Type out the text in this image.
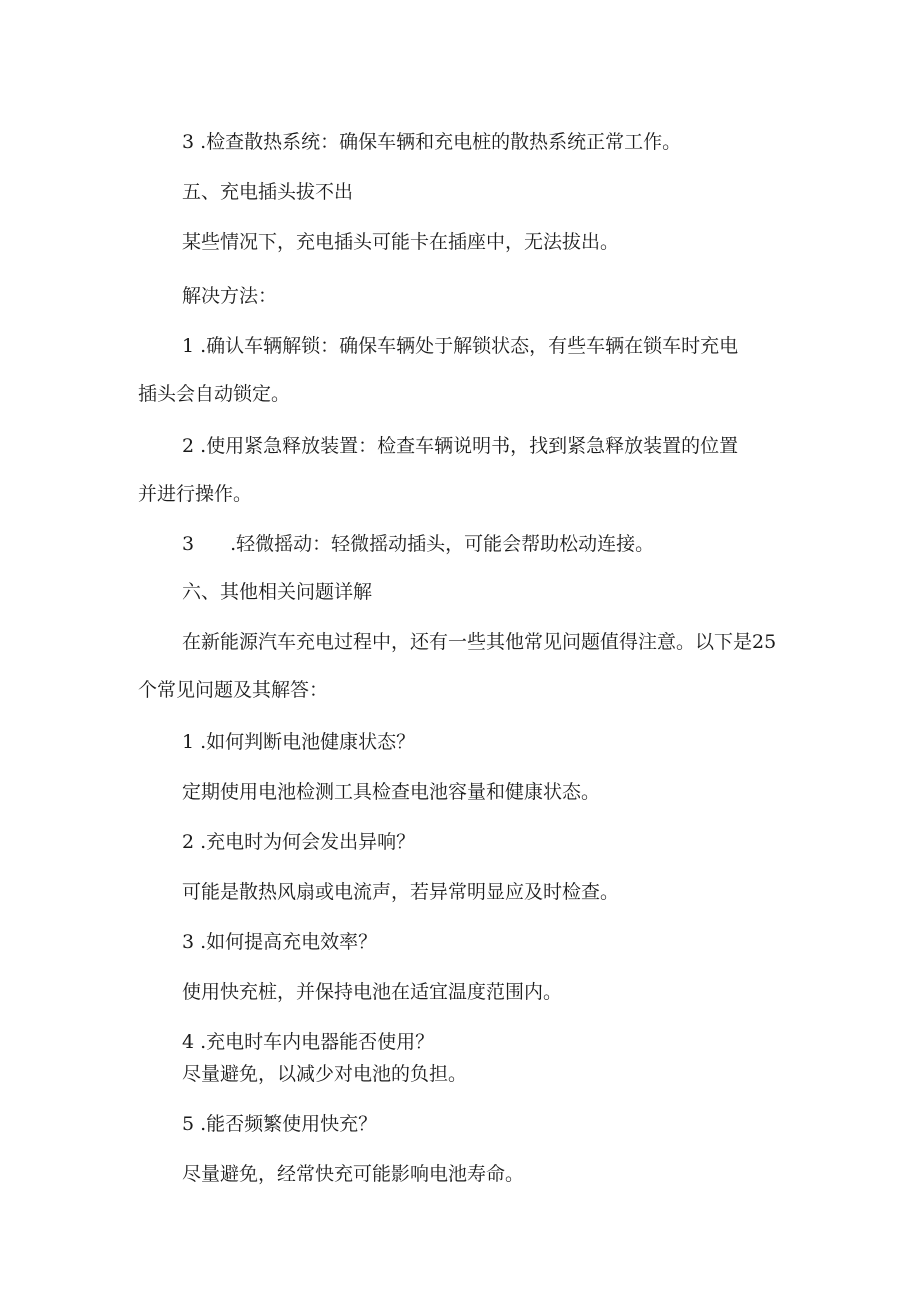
3 .检查散热系统：确保车辆和充电桩的散热系统正常工作。
五、充电插头拔不出
某些情况下，充电插头可能卡在插座中，无法拔出。
解决方法：
1 .确认车辆解锁：确保车辆处于解锁状态，有些车辆在锁车时充电
插头会自动锁定。
2 .使用紧急释放装置：检查车辆说明书，找到紧急释放装置的位置
并进行操作。
3 .轻微摇动：轻微摇动插头，可能会帮助松动连接。
六、其他相关问题详解
在新能源汽车充电过程中，还有一些其他常见问题值得注意。以下是25
个常见问题及其解答：
1 .如何判断电池健康状态？
定期使用电池检测工具检查电池容量和健康状态。
2 .充电时为何会发出异响？
可能是散热风扇或电流声，若异常明显应及时检查。
3 .如何提高充电效率？
使用快充桩，并保持电池在适宜温度范围内。
4 .充电时车内电器能否使用？
尽量避免，以减少对电池的负担。
5 .能否频繁使用快充？
尽量避免，经常快充可能影响电池寿命。
